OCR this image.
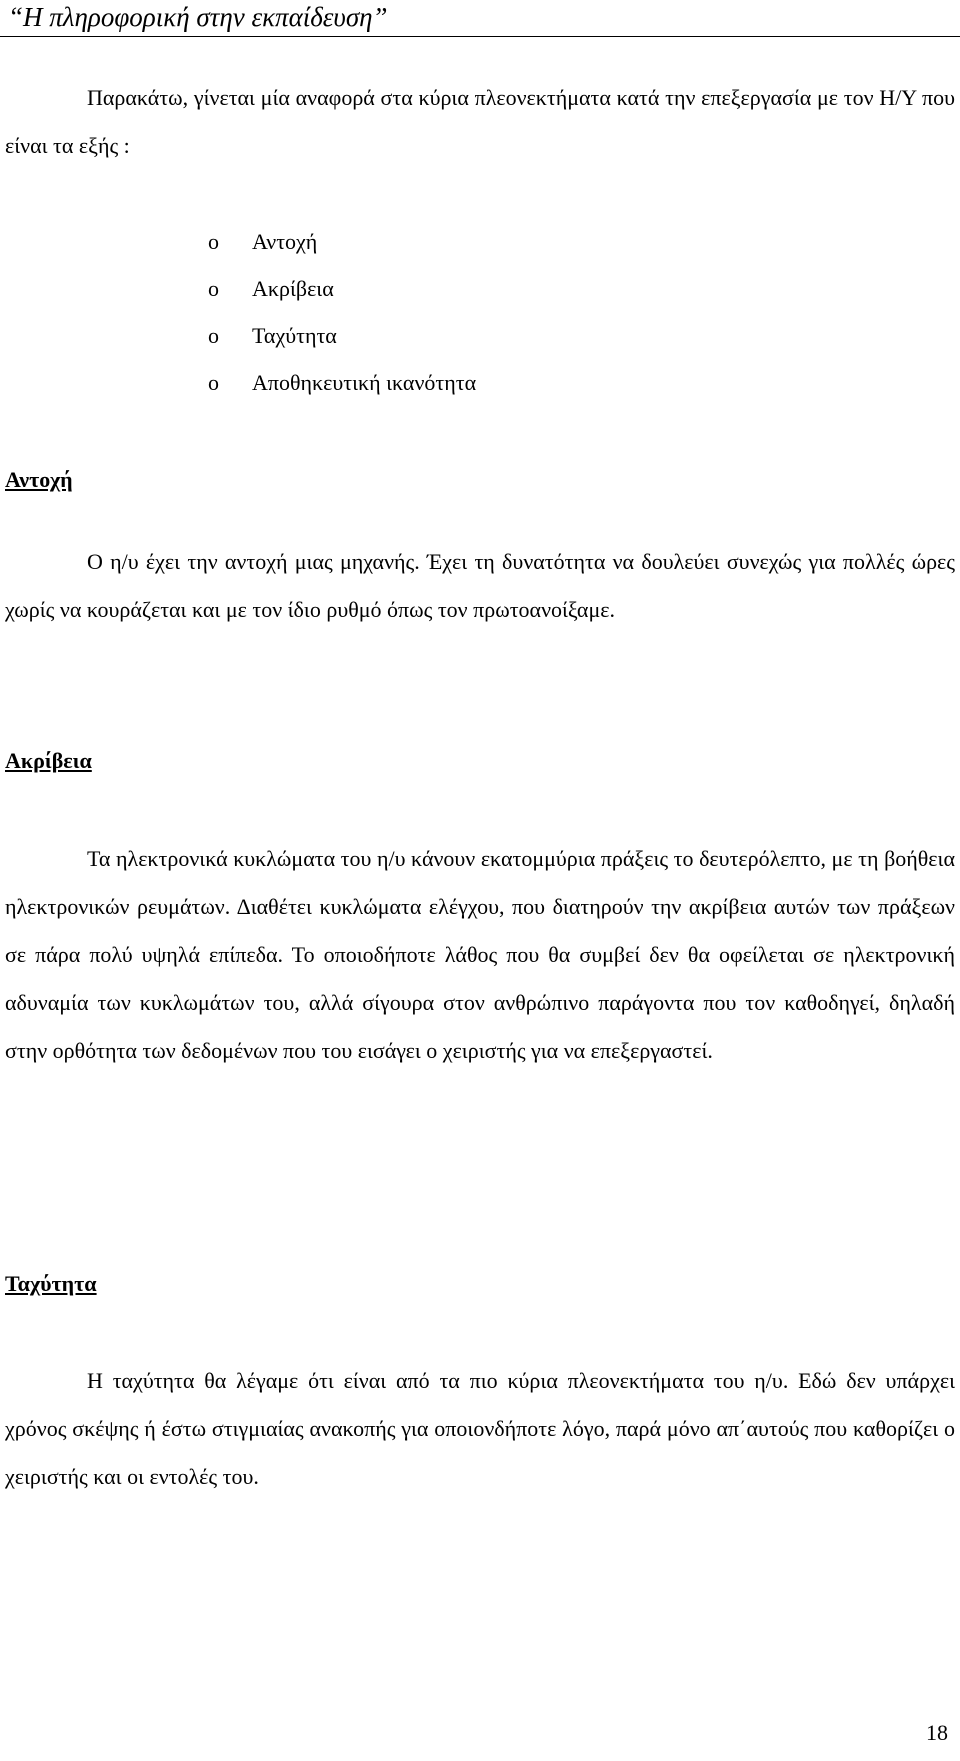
“Η πληροφορική στην εκπαίδευση”

Παρακάτω, γίνεται μία αναφορά στα κύρια πλεονεκτήματα κατά την επεξεργασία με τον Η/Υ που είναι τα εξής :

o Αντοχή
o Ακρίβεια
o Ταχύτητα
o Αποθηκευτική ικανότητα
Αντοχή

Ο η/υ έχει την αντοχή μιας μηχανής. Έχει τη δυνατότητα να δουλεύει συνεχώς για πολλές ώρες χωρίς να κουράζεται και με τον ίδιο ρυθμό όπως τον πρωτοανοίξαμε.

Ακρίβεια

Τα ηλεκτρονικά κυκλώματα του η/υ κάνουν εκατομμύρια πράξεις το δευτερόλεπτο, με τη βοήθεια ηλεκτρονικών ρευμάτων. Διαθέτει κυκλώματα ελέγχου, που διατηρούν την ακρίβεια αυτών των πράξεων σε πάρα πολύ υψηλά επίπεδα. Το οποιοδήποτε λάθος που θα συμβεί δεν θα οφείλεται σε ηλεκτρονική αδυναμία των κυκλωμάτων του, αλλά σίγουρα στον ανθρώπινο παράγοντα που τον καθοδηγεί, δηλαδή στην ορθότητα των δεδομένων που του εισάγει ο χειριστής για να επεξεργαστεί.

Ταχύτητα

Η ταχύτητα θα λέγαμε ότι είναι από τα πιο κύρια πλεονεκτήματα του η/υ. Εδώ δεν υπάρχει χρόνος σκέψης ή έστω στιγμιαίας ανακοπής για οποιονδήποτε λόγο, παρά μόνο απ΄αυτούς που καθορίζει ο χειριστής και οι εντολές του.

18
